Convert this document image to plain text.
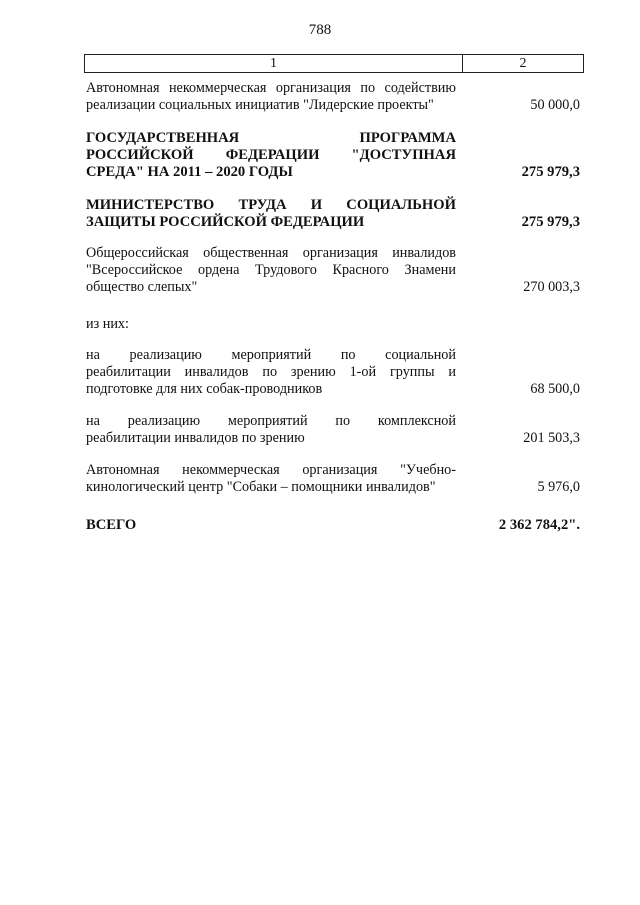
788
1	2
Автономная некоммерческая организация по содействию
реализации социальных инициатив "Лидерские проекты"	50 000,0
ГОСУДАРСТВЕННАЯ ПРОГРАММА
РОССИЙСКОЙ ФЕДЕРАЦИИ "ДОСТУПНАЯ
СРЕДА" НА 2011 – 2020 ГОДЫ	275 979,3
МИНИСТЕРСТВО ТРУДА И СОЦИАЛЬНОЙ
ЗАЩИТЫ РОССИЙСКОЙ ФЕДЕРАЦИИ	275 979,3
Общероссийская общественная организация инвалидов
"Всероссийское ордена Трудового Красного Знамени
общество слепых"	270 003,3
из них:
на реализацию мероприятий по социальной
реабилитации инвалидов по зрению 1-ой группы и
подготовке для них собак-проводников	68 500,0
на реализацию мероприятий по комплексной
реабилитации инвалидов по зрению	201 503,3
Автономная некоммерческая организация "Учебно-
кинологический центр "Собаки – помощники инвалидов"	5 976,0
ВСЕГО	2 362 784,2".
